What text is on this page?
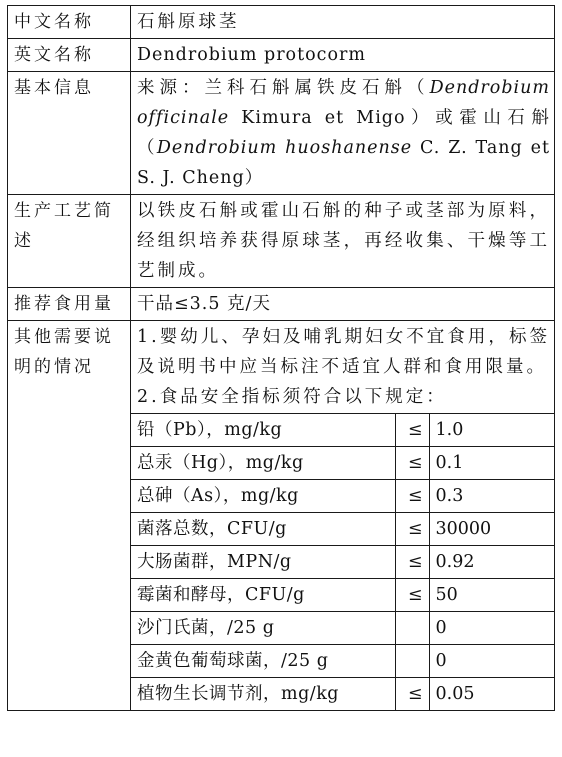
中文名称	石斛原球茎
英文名称	Dendrobium protocorm
基本信息	来源：兰科石斛属铁皮石斛（Dendrobium officinale Kimura et Migo）或霍山石斛（Dendrobium huoshanense C. Z. Tang et S. J. Cheng）
生产工艺简述	以铁皮石斛或霍山石斛的种子或茎部为原料，经组织培养获得原球茎，再经收集、干燥等工艺制成。
推荐食用量	干品≤3.5 克/天
其他需要说明的情况	
1.婴幼儿、孕妇及哺乳期妇女不宜食用，标签及说明书中应当标注不适宜人群和食用限量。
2.食品安全指标须符合以下规定：
铅（Pb），mg/kg	≤	1.0
总汞（Hg），mg/kg	≤	0.1
总砷（As），mg/kg	≤	0.3
菌落总数，CFU/g	≤	30000
大肠菌群，MPN/g	≤	0.92
霉菌和酵母，CFU/g	≤	50
沙门氏菌，/25 g		0
金黄色葡萄球菌，/25 g		0
植物生长调节剂，mg/kg	≤	0.05
